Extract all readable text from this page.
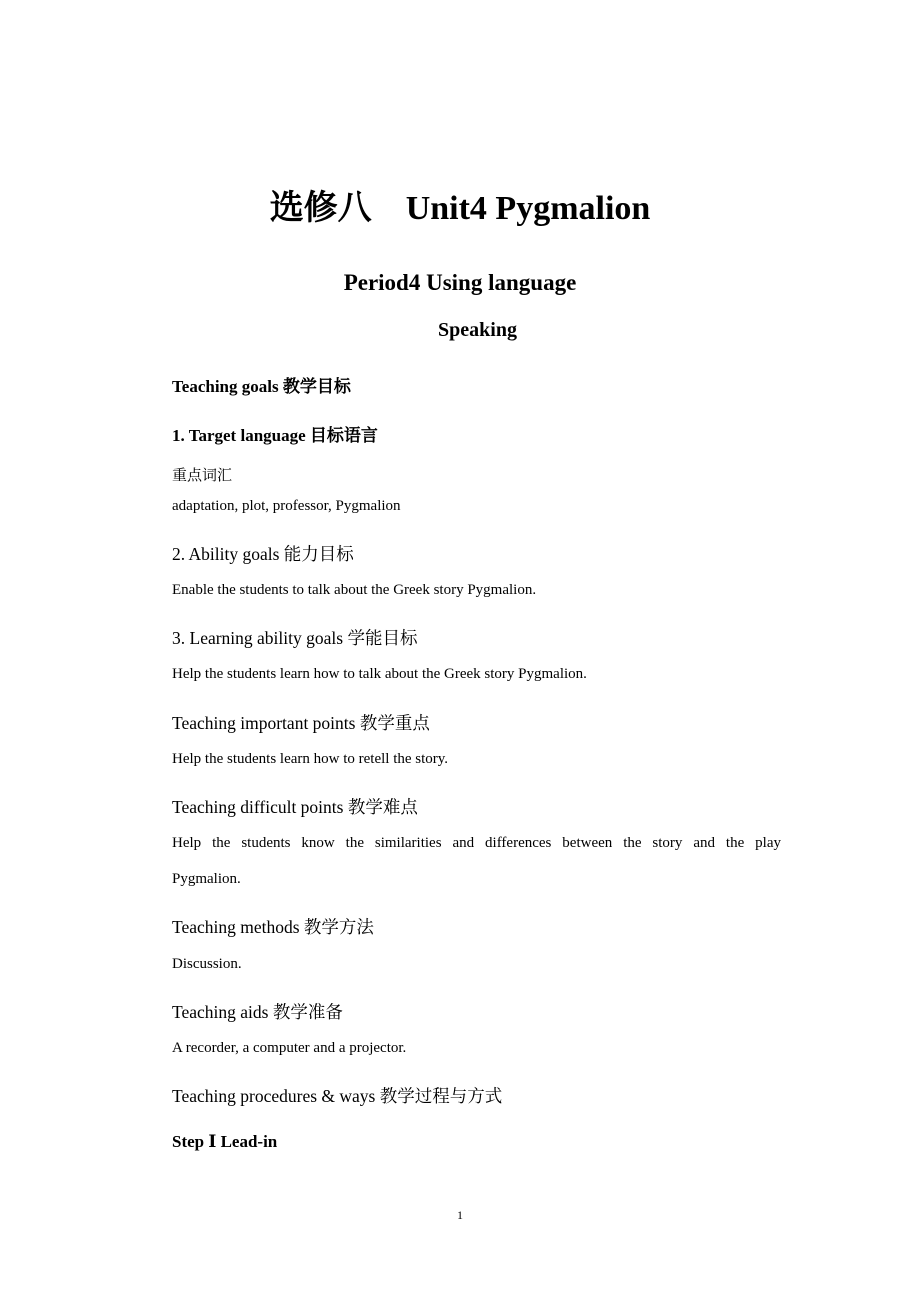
选修八 Unit4 Pygmalion
Period4 Using language
Speaking
Teaching goals 教学目标
1. Target language 目标语言
重点词汇
adaptation, plot, professor, Pygmalion
2. Ability goals 能力目标
Enable the students to talk about the Greek story Pygmalion.
3. Learning ability goals 学能目标
Help the students learn how to talk about the Greek story Pygmalion.
Teaching important points 教学重点
Help the students learn how to retell the story.
Teaching difficult points 教学难点
Help the students know the similarities and differences between the story and the play
Pygmalion.
Teaching methods 教学方法
Discussion.
Teaching aids 教学准备
A recorder, a computer and a projector.
Teaching procedures & ways 教学过程与方式
Step Ⅰ Lead-in
1
